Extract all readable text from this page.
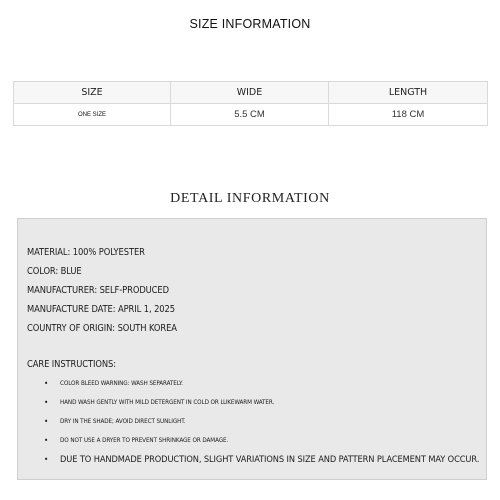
SIZE INFORMATION
SIZE	WIDE	LENGTH
ONE SIZE	5.5 CM	118 CM
DETAIL INFORMATION
MATERIAL: 100% POLYESTER
COLOR: BLUE
MANUFACTURER: SELF-PRODUCED
MANUFACTURE DATE: APRIL 1, 2025
COUNTRY OF ORIGIN: SOUTH KOREA
CARE INSTRUCTIONS:
• COLOR BLEED WARNING: WASH SEPARATELY.
• HAND WASH GENTLY WITH MILD DETERGENT IN COLD OR LUKEWARM WATER.
• DRY IN THE SHADE; AVOID DIRECT SUNLIGHT.
• DO NOT USE A DRYER TO PREVENT SHRINKAGE OR DAMAGE.
• DUE TO HANDMADE PRODUCTION, SLIGHT VARIATIONS IN SIZE AND PATTERN PLACEMENT MAY OCCUR.
